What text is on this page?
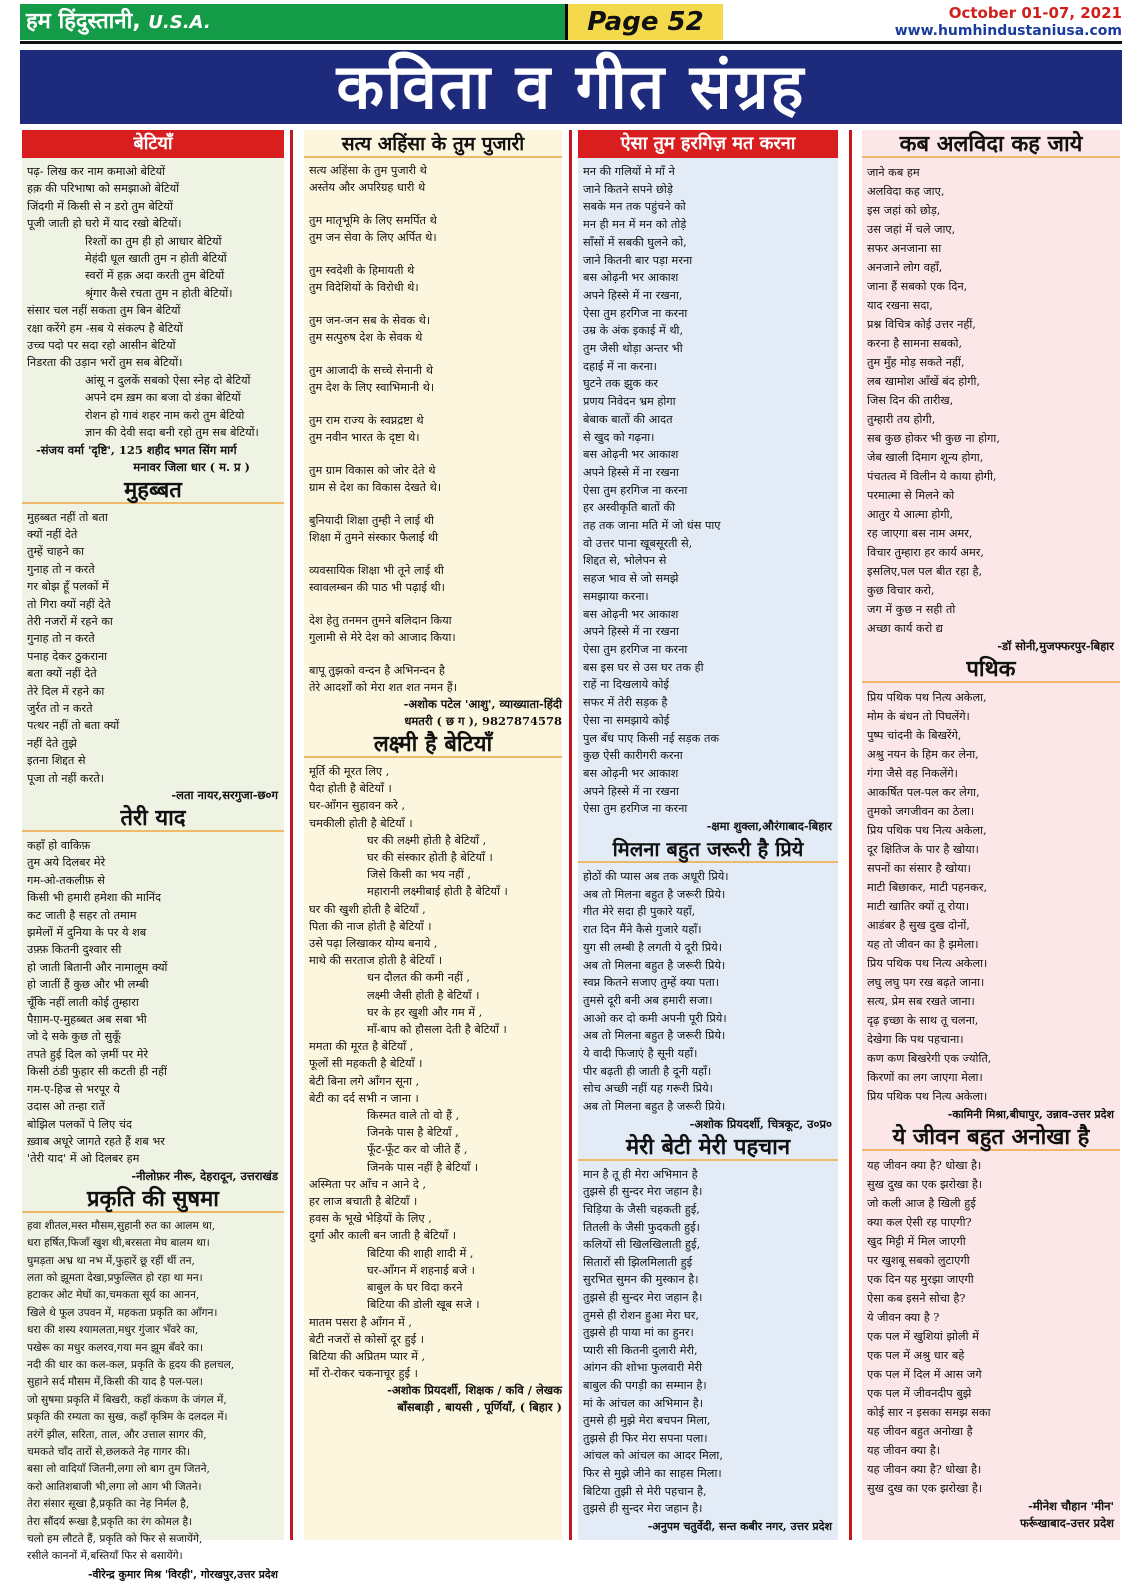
हम हिंदुस्तानी, U.S.A.	Page 52	October 01-07, 2021
www.humhindustaniusa.com
कविता व गीत संग्रह
बेटियाँ
पढ़- लिख कर नाम कमाओ बेटियों
हक़ की परिभाषा को समझाओ बेटियों
जिंदगी में किसी से न डरो तुम बेटियों
पूजी जाती हो घरो में याद रखो बेटियों।
रिश्तों का तुम ही हो आधार बेटियों
मेहंदी धूल खाती तुम न होती बेटियों
स्वरों में हक़ अदा करती तुम बेटियों
श्रृंगार कैसे रचता तुम न होती बेटियों।
संसार चल नहीं सकता तुम बिन बेटियों
रक्षा करेंगे हम -सब ये संकल्प है बेटियों
उच्च पदो पर सदा रहो आसीन बेटियों
निडरता की उड़ान भरों तुम सब बेटियों।
आंसू न दुलकें सबको ऐसा स्नेह दो बेटियों
अपने दम ख़म का बजा दो डंका बेटियों
रोशन हो गावं शहर नाम करो तुम बेटियो
ज्ञान की देवी सदा बनी रहो तुम सब बेटियों।
-संजय वर्मा 'दृष्टि', 125 शहीद भगत सिंग मार्ग
मनावर जिला धार ( म. प्र )
मुहब्बत
मुहब्बत नहीं तो बता
क्यों नहीं देते
तुम्हें चाहने का
गुनाह तो न करते
गर बोझ हूँ पलकों में
तो गिरा क्यों नहीं देते
तेरी नजरों में रहने का
गुनाह तो न करते
पनाह देकर ठुकराना
बता क्यों नहीं देते
तेरे दिल में रहने का
जुर्रत तो न करते
पत्थर नहीं तो बता क्यों
नहीं देते तुझे
इतना शिद्दत से
पूजा तो नहीं करते।
-लता नायर,सरगुजा-छ०ग
तेरी याद
कहाँ हो वाकिफ़
तुम अये दिलबर मेरे
गम-ओ-तकलीफ़ से
किसी भी हमारी हमेशा की मानिंद
कट जाती है सहर तो तमाम
झमेलों में दुनिया के पर ये शब
उफ़्फ़ कितनी दुश्वार सी
हो जाती बितानी और नामालूम क्यों
हो जातीं हैं कुछ और भी लम्बी
चूँकि नहीं लाती कोई तुम्हारा
पैग़ाम-ए-मुहब्बत अब सबा भी
जो दे सके कुछ तो सुकूँ
तपते हुई दिल को ज़मीं पर मेरे
किसी ठंडी फुहार सी कटती ही नहीं
गम-ए-हिज्र से भरपूर ये
उदास ओ तन्हा रातें
बोझिल पलकों पे लिए चंद
ख़्वाब अधूरे जागते रहते हैं शब भर
'तेरी याद' में ओ दिलबर हम
-नीलोफ़र नीरू, देहरादून, उत्तराखंड
प्रकृति की सुषमा
हवा शीतल,मस्त मौसम,सुहानी रुत का आलम था,
धरा हर्षित,फिजाँ खुश थी,बरसता मेघ बालम था।
घुमड़ता अभ्र था नभ में,फुहारें छू रहीं थीं तन,
लता को झूमता देखा,प्रफुल्लित हो रहा था मन।
हटाकर ओट मेघों का,चमकता सूर्य का आनन,
खिले थे फूल उपवन में, महकता प्रकृति का आँगन।
धरा की शस्य श्यामलता,मधुर गुंजार भँवरे का,
पखेरू का मधुर कलरव,गया मन झूम बँवरे का।
नदी की धार का कल-कल, प्रकृति के हृदय की हलचल,
सुहाने सर्द मौसम में,किसी की याद है पल-पल।
जो सुषमा प्रकृति में बिखरी, कहाँ कंकण के जंगल में,
प्रकृति की रम्यता का सुख, कहाँ कृत्रिम के दलदल में।
तरंगें झील, सरिता, ताल, और उत्ताल सागर की,
चमकते चाँद तारों से,छलकते नेह गागर की।
बसा लो वादियाँ जितनी,लगा लो बाग तुम जितने,
करो आतिशबाजी भी,लगा लो आग भी जितने।
तेरा संसार सूखा है,प्रकृति का नेह निर्मल है,
तेरा सौंदर्य रूखा है,प्रकृति का रंग कोमल है।
चलो हम लौटते हैं, प्रकृति को फिर से सजायेंगे,
रसीले काननों में,बस्तियाँ फिर से बसायेंगे।
-वीरेन्द्र कुमार मिश्र 'विरही', गोरखपुर,उत्तर प्रदेश
सत्य अहिंसा के तुम पुजारी
सत्य अहिंसा के तुम पुजारी थे
अस्तेय और अपरिग्रह धारी थे
तुम मातृभूमि के लिए समर्पित थे
तुम जन सेवा के लिए अर्पित थे।
तुम स्वदेशी के हिमायती थे
तुम विदेशियों के विरोधी थे।
तुम जन-जन सब के सेवक थे।
तुम सत्पुरुष देश के सेवक थे
तुम आजादी के सच्चे सेनानी थे
तुम देश के लिए स्वाभिमानी थे।
तुम राम राज्य के स्वप्नद्रष्टा थे
तुम नवीन भारत के दृष्टा थे।
तुम ग्राम विकास को जोर देते थे
ग्राम से देश का विकास देखते थे।
बुनियादी शिक्षा तुम्ही ने लाई थी
शिक्षा में तुमने संस्कार फैलाई थी
व्यवसायिक शिक्षा भी तूने लाई थी
स्वावलम्बन की पाठ भी पढ़ाई थी।
देश हेतु तनमन तुमने बलिदान किया
गुलामी से मेरे देश को आजाद किया।
बापू तुझको वन्दन है अभिनन्दन है
तेरे आदर्शों को मेरा शत शत नमन हैं।
-अशोक पटेल 'आशु', व्याख्याता-हिंदी
धमतरी ( छ ग ), 9827874578
लक्ष्मी है बेटियाँ
मूर्ति की मूरत लिए ,
पैदा होती है बेटियाँ ।
घर-आँगन सुहावन करे ,
चमकीली होती है बेटियाँ ।
घर की लक्ष्मी होती है बेटियाँ ,
घर की संस्कार होती है बेटियाँ ।
जिसे किसी का भय नहीं ,
महारानी लक्ष्मीबाई होती है बेटियाँ ।
घर की खुशी होती है बेटियाँ ,
पिता की नाज होती है बेटियाँ ।
उसे पढ़ा लिखाकर योग्य बनाये ,
माथे की सरताज होती है बेटियाँ ।
धन दौलत की कमी नहीं ,
लक्ष्मी जैसी होती है बेटियाँ ।
घर के हर खुशी और गम में ,
माँ-बाप को हौसला देती है बेटियाँ ।
ममता की मूरत है बेटियाँ ,
फूलों सी महकती है बेटियाँ ।
बेटी बिना लगे आँगन सूना ,
बेटी का दर्द सभी न जाना ।
किस्मत वाले तो वो हैं ,
जिनके पास है बेटियाँ ,
फूँट-फूँट कर वो जीते हैं ,
जिनके पास नहीं है बेटियाँ ।
अस्मिता पर आँच न आने दे ,
हर लाज बचाती है बेटियाँ ।
हवस के भूखे भेड़ियों के लिए ,
दुर्गा और काली बन जाती है बेटियाँ ।
बिटिया की शाही शादी में ,
घर-आँगन में शहनाई बजे ।
बाबुल के घर विदा करने
बिटिया की डोली खूब सजे ।
मातम पसरा है आँगन में ,
बेटी नजरों से कोसों दूर हुई ।
बिटिया की अप्रितम प्यार में ,
माँ रो-रोकर चकनाचूर हुई ।
-अशोक प्रियदर्शी, शिक्षक / कवि / लेखक
बाँसबाड़ी , बायसी , पूर्णियाँ, ( बिहार )
ऐसा तुम हरगिज़ मत करना
मन की गलियों मे माँ ने
जाने कितने सपने छोड़े
सबके मन तक पहुंचने को
मन ही मन में मन को तोड़े
साँसों में सबकी घुलने को,
जाने कितनी बार पड़ा मरना
बस ओढ़नी भर आकाश
अपने हिस्से में ना रखना,
ऐसा तुम हरगिज ना करना
उम्र के अंक इकाई में थी,
तुम जैसी थोड़ा अन्तर भी
दहाई में ना करना।
घुटने तक झुक कर
प्रणय निवेदन भ्रम होगा
बेबाक बातों की आदत
से खुद को गढ़ना।
बस ओढ़नी भर आकाश
अपने हिस्से में ना रखना
ऐसा तुम हरगिज ना करना
हर अस्वीकृति बातों की
तह तक जाना मति में जो धंस पाए
वो उत्तर पाना खूबसूरती से,
शिद्दत से, भोलेपन से
सहज भाव से जो समझे
समझाया करना।
बस ओढ़नी भर आकाश
अपने हिस्से में ना रखना
ऐसा तुम हरगिज ना करना
बस इस घर से उस घर तक ही
राहें ना दिखलाये कोई
सफर में तेरी सड़क है
ऐसा ना समझाये कोई
पुल बँध पाए किसी नई सड़क तक
कुछ ऐसी कारीगरी करना
बस ओढ़नी भर आकाश
अपने हिस्से में ना रखना
ऐसा तुम हरगिज ना करना
-क्षमा शुक्ला,औरंगाबाद-बिहार
मिलना बहुत जरूरी है प्रिये
होठों की प्यास अब तक अधूरी प्रिये।
अब तो मिलना बहुत है जरूरी प्रिये।
गीत मेरे सदा ही पुकारे यहाँ,
रात दिन मैंने कैसे गुजारे यहाँ।
युग सी लम्बी है लगती ये दूरी प्रिये।
अब तो मिलना बहुत है जरूरी प्रिये।
स्वप्न कितने सजाए तुम्हें क्या पता।
तुमसे दूरी बनी अब हमारी सजा।
आओ कर दो कमी अपनी पूरी प्रिये।
अब तो मिलना बहुत है जरूरी प्रिये।
ये वादी फिजाएं है सूनी यहाँ।
पीर बढ़ती ही जाती है दूनी यहाँ।
सोच अच्छी नहीं यह गरूरी प्रिये।
अब तो मिलना बहुत है जरूरी प्रिये।
-अशोक प्रियदर्शी, चित्रकूट, उ०प्र०
मेरी बेटी मेरी पहचान
मान है तू ही मेरा अभिमान है
तुझसे ही सुन्दर मेरा जहान है।
चिड़िया के जैसी चहकती हुई,
तितली के जैसी फुदकती हुई।
कलियों सी खिलखिलाती हुई,
सितारों सी झिलमिलाती हुई
सुरभित सुमन की मुस्कान है।
तुझसे ही सुन्दर मेरा जहान है।
तुमसे ही रोशन हुआ मेरा घर,
तुझसे ही पाया मां का हुनर।
प्यारी सी कितनी दुलारी मेरी,
आंगन की शोभा फुलवारी मेरी
बाबुल की पगड़ी का सम्मान है।
मां के आंचल का अभिमान है।
तुमसे ही मुझे मेरा बचपन मिला,
तुझसे ही फिर मेरा सपना पला।
आंचल को आंचल का आदर मिला,
फिर से मुझे जीने का साहस मिला।
बिटिया तुझी से मेरी पहचान है,
तुझसे ही सुन्दर मेरा जहान है।
-अनुपम चतुर्वेदी, सन्त कबीर नगर, उत्तर प्रदेश
कब अलविदा कह जाये
जाने कब हम
अलविदा कह जाए,
इस जहां को छोड़,
उस जहां में चले जाए,
सफर अनजाना सा
अनजाने लोग वहाँ,
जाना हैं सबको एक दिन,
याद रखना सदा,
प्रश्न विचित्र कोई उत्तर नहीं,
करना है सामना सबको,
तुम मुँह मोड़ सकते नहीं,
लब खामोश आँखें बंद होगी,
जिस दिन की तारीख,
तुम्हारी तय होगी,
सब कुछ होकर भी कुछ ना होगा,
जेब खाली दिमाग शून्य होगा,
पंचतत्व में विलीन ये काया होगी,
परमात्मा से मिलने को
आतुर ये आत्मा होगी,
रह जाएगा बस नाम अमर,
विचार तुम्हारा हर कार्य अमर,
इसलिए,पल पल बीत रहा है,
कुछ विचार करो,
जग में कुछ न सही तो
अच्छा कार्य करो द्य
-डॉ सोनी,मुजफ्फरपुर-बिहार
पथिक
प्रिय पथिक पथ नित्य अकेला,
मोम के बंधन तो पिघलेंगे।
पुष्प चांदनी के बिखरेंगे,
अश्रु नयन के हिम कर लेना,
गंगा जैसे वह निकलेंगे।
आकर्षित पल-पल कर लेगा,
तुमको जगजीवन का ठेला।
प्रिय पथिक पथ नित्य अकेला,
दूर क्षितिज के पार है खोया।
सपनों का संसार है खोया।
माटी बिछाकर, माटी पहनकर,
माटी खातिर क्यों तू रोया।
आडंबर है सुख दुख दोनों,
यह तो जीवन का है झमेला।
प्रिय पथिक पथ नित्य अकेला।
लघु लघु पग रख बढ़ते जाना।
सत्य, प्रेम सब रखते जाना।
दृढ़ इच्छा के साथ तू चलना,
देखेगा कि पथ पहचाना।
कण कण बिखरेगी एक ज्योति,
किरणों का लग जाएगा मेला।
प्रिय पथिक पथ नित्य अकेला।
-कामिनी मिश्रा,बीघापुर, उन्नाव-उत्तर प्रदेश
ये जीवन बहुत अनोखा है
यह जीवन क्या है? धोखा है।
सुख दुख का एक झरोखा है।
जो कली आज है खिली हुई
क्या कल ऐसी रह पाएगी?
खुद मिट्टी में मिल जाएगी
पर खुशबू सबको लुटाएगी
एक दिन यह मुरझा जाएगी
ऐसा कब इसने सोचा है?
ये जीवन क्या है ?
एक पल में खुशियां झोली में
एक पल में अश्रु धार बहे
एक पल में दिल में आस जगे
एक पल में जीवनदीप बुझे
कोई सार न इसका समझ सका
यह जीवन बहुत अनोखा है
यह जीवन क्या है।
यह जीवन क्या है? धोखा है।
सुख दुख का एक झरोखा है।
-मीनेश चौहान 'मीन'
फर्रूखाबाद-उत्तर प्रदेश
